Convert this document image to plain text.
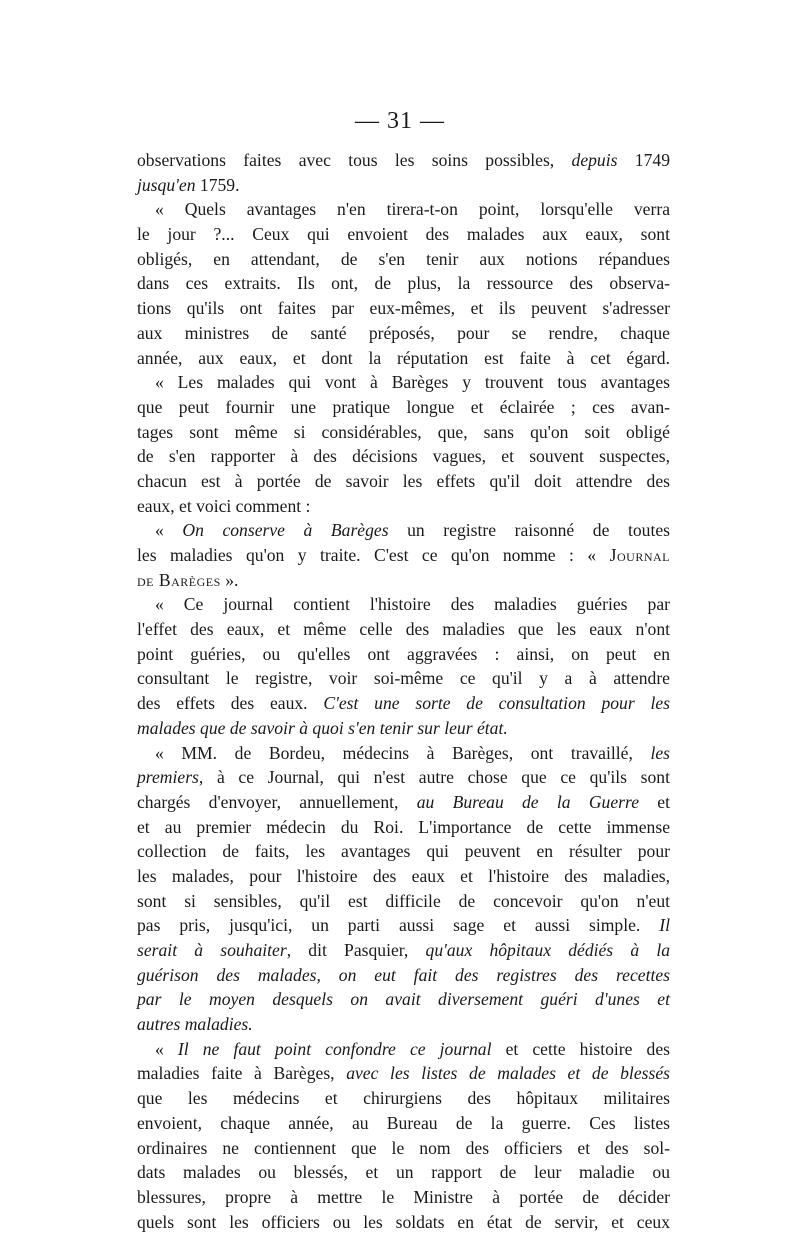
— 31 —
observations faites avec tous les soins possibles, depuis 1749
jusqu'en 1759.
« Quels avantages n'en tirera-t-on point, lorsqu'elle verra
le jour ?... Ceux qui envoient des malades aux eaux, sont
obligés, en attendant, de s'en tenir aux notions répandues
dans ces extraits. Ils ont, de plus, la ressource des observa-
tions qu'ils ont faites par eux-mêmes, et ils peuvent s'adresser
aux ministres de santé préposés, pour se rendre, chaque
année, aux eaux, et dont la réputation est faite à cet égard.
« Les malades qui vont à Barèges y trouvent tous avantages
que peut fournir une pratique longue et éclairée ; ces avan-
tages sont même si considérables, que, sans qu'on soit obligé
de s'en rapporter à des décisions vagues, et souvent suspectes,
chacun est à portée de savoir les effets qu'il doit attendre des
eaux, et voici comment :
« On conserve à Barèges un registre raisonné de toutes
les maladies qu'on y traite. C'est ce qu'on nomme : « Journal
de Barèges ».
« Ce journal contient l'histoire des maladies guéries par
l'effet des eaux, et même celle des maladies que les eaux n'ont
point guéries, ou qu'elles ont aggravées : ainsi, on peut en
consultant le registre, voir soi-même ce qu'il y a à attendre
des effets des eaux. C'est une sorte de consultation pour les
malades que de savoir à quoi s'en tenir sur leur état.
« MM. de Bordeu, médecins à Barèges, ont travaillé, les
premiers, à ce Journal, qui n'est autre chose que ce qu'ils sont
chargés d'envoyer, annuellement, au Bureau de la Guerre et
et au premier médecin du Roi. L'importance de cette immense
collection de faits, les avantages qui peuvent en résulter pour
les malades, pour l'histoire des eaux et l'histoire des maladies,
sont si sensibles, qu'il est difficile de concevoir qu'on n'eut
pas pris, jusqu'ici, un parti aussi sage et aussi simple. Il
serait à souhaiter, dit Pasquier, qu'aux hôpitaux dédiés à la
guérison des malades, on eut fait des registres des recettes
par le moyen desquels on avait diversement guéri d'unes et
autres maladies.
« Il ne faut point confondre ce journal et cette histoire des
maladies faite à Barèges, avec les listes de malades et de blessés
que les médecins et chirurgiens des hôpitaux militaires
envoient, chaque année, au Bureau de la guerre. Ces listes
ordinaires ne contiennent que le nom des officiers et des sol-
dats malades ou blessés, et un rapport de leur maladie ou
blessures, propre à mettre le Ministre à portée de décider
quels sont les officiers ou les soldats en état de servir, et ceux
